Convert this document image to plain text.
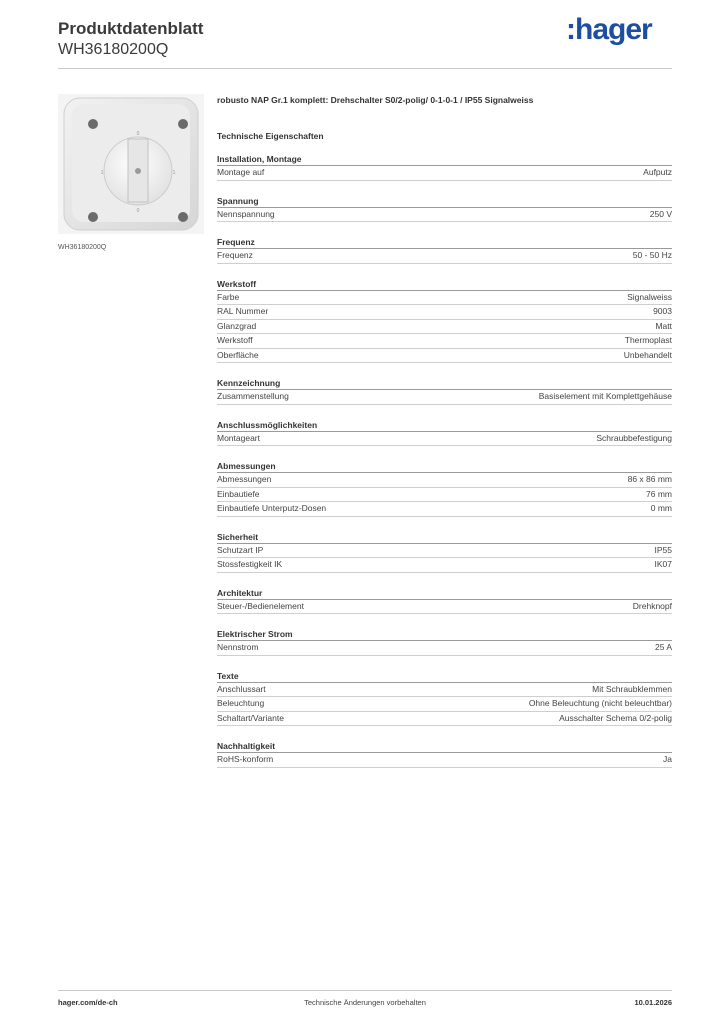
Produktdatenblatt
WH36180200Q
:hager
0
1
1
0
WH36180200Q
robusto NAP Gr.1 komplett: Drehschalter S0/2-polig/ 0-1-0-1 / IP55 Signalweiss
Technische Eigenschaften
Installation, Montage
Montage auf	Aufputz
Spannung
Nennspannung	250 V
Frequenz
Frequenz	50 - 50 Hz
Werkstoff
Farbe	Signalweiss
RAL Nummer	9003
Glanzgrad	Matt
Werkstoff	Thermoplast
Oberfläche	Unbehandelt
Kennzeichnung
Zusammenstellung	Basiselement mit Komplettgehäuse
Anschlussmöglichkeiten
Montageart	Schraubbefestigung
Abmessungen
Abmessungen	86 x 86 mm
Einbautiefe	76 mm
Einbautiefe Unterputz-Dosen	0 mm
Sicherheit
Schutzart IP	IP55
Stossfestigkeit IK	IK07
Architektur
Steuer-/Bedienelement	Drehknopf
Elektrischer Strom
Nennstrom	25 A
Texte
Anschlussart	Mit Schraubklemmen
Beleuchtung	Ohne Beleuchtung (nicht beleuchtbar)
Schaltart/Variante	Ausschalter Schema 0/2-polig
Nachhaltigkeit
RoHS-konform	Ja
hager.com/de-ch	Technische Änderungen vorbehalten	10.01.2026
